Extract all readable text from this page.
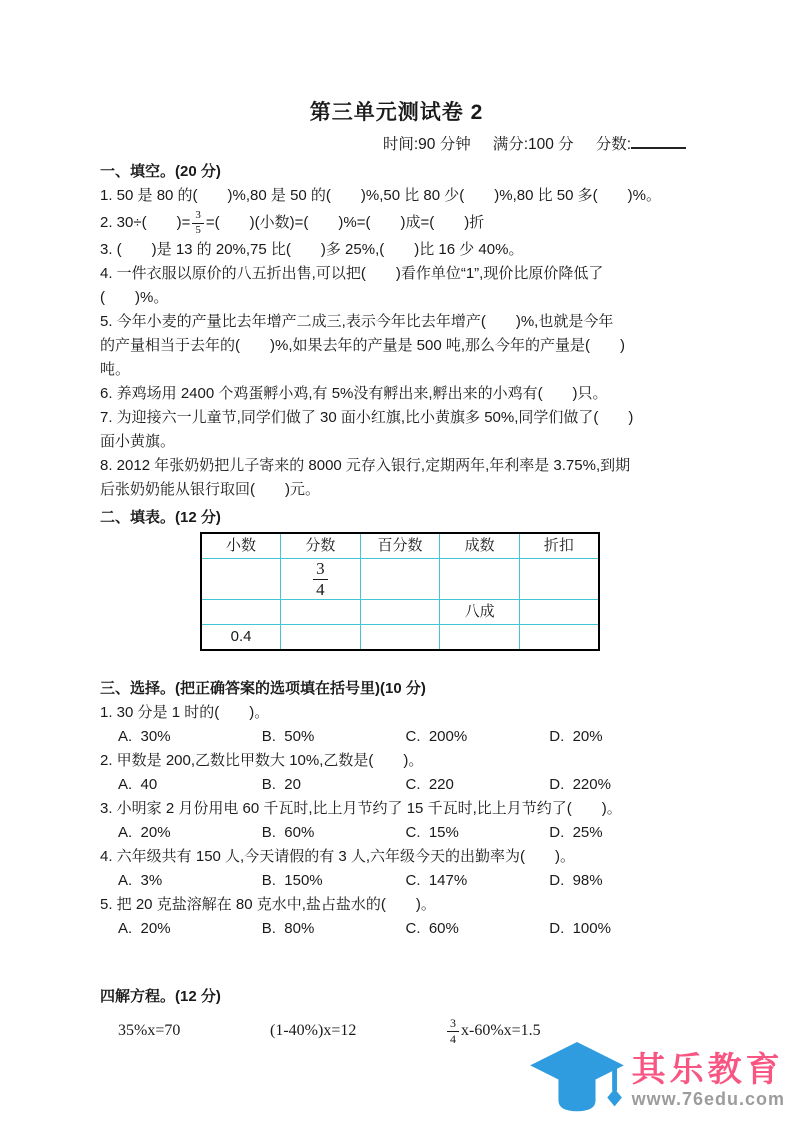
第三单元测试卷 2
时间:90 分钟 满分:100 分 分数:
一、填空。(20 分)

1. 50 是 80 的(　　)%,80 是 50 的(　　)%,50 比 80 少(　　)%,80 比 50 多(　　)%。

2. 30÷(　　)= $\frac{3}{5}$ =(　　)(小数)=(　　)%=(　　)成=(　　)折

3. (　　)是 13 的 20%,75 比(　　)多 25%,(　　)比 16 少 40%。

4. 一件衣服以原价的八五折出售,可以把(　　)看作单位“1”,现价比原价降低了
(　　)%。

5. 今年小麦的产量比去年增产二成三,表示今年比去年增产(　　)%,也就是今年
的产量相当于去年的(　　)%,如果去年的产量是 500 吨,那么今年的产量是(　　)
吨。

6. 养鸡场用 2400 个鸡蛋孵小鸡,有 5%没有孵出来,孵出来的小鸡有(　　)只。

7. 为迎接六一儿童节,同学们做了 30 面小红旗,比小黄旗多 50%,同学们做了(　　)
面小黄旗。

8. 2012 年张奶奶把儿子寄来的 8000 元存入银行,定期两年,年利率是 3.75%,到期
后张奶奶能从银行取回(　　)元。

二、填表。(12 分)
小数	分数	百分数	成数	折扣

	$\frac{3}{4}$

			八成	
0.4				
三、选择。(把正确答案的选项填在括号里)(10 分)

1. 30 分是 1 时的(　　)。

A.  30%	B.  50%	C.  200%	D.  20%

2. 甲数是 200,乙数比甲数大 10%,乙数是(　　)。

A.  40	B.  20	C.  220	D.  220%

3. 小明家 2 月份用电 60 千瓦时,比上月节约了 15 千瓦时,比上月节约了(　　)。

A.  20%	B.  60%	C.  15%	D.  25%

4. 六年级共有 150 人,今天请假的有 3 人,六年级今天的出勤率为(　　)。

A.  3%	B.  150%	C.  147%	D.  98%

5. 把 20 克盐溶解在 80 克水中,盐占盐水的(　　)。

A.  20%	B.  80%	C.  60%	D.  100%
四解方程。(12 分)
35%x=70	(1-40%)x=12	$\frac{3}{4} x-60\%x=1.5$
其乐教育
www.76edu.com
